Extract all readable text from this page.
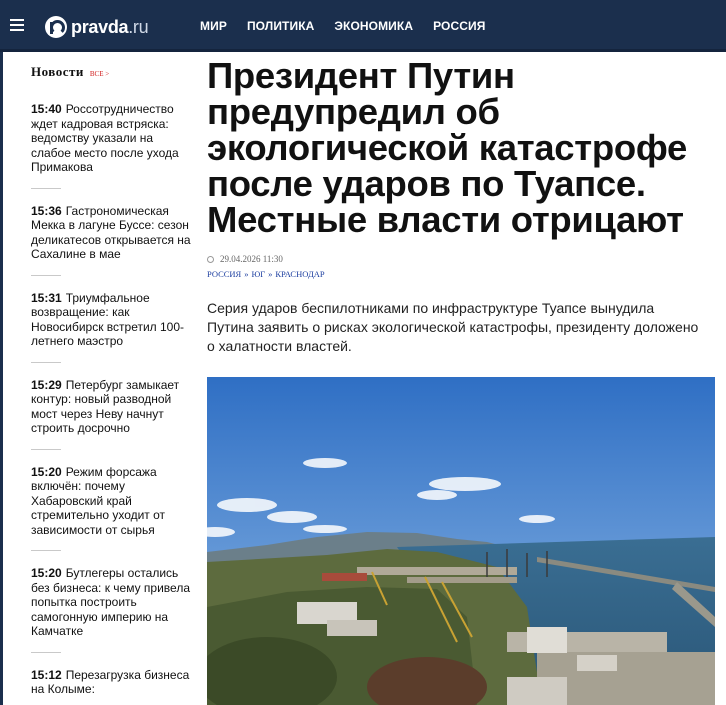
pravda.ru	МИР ПОЛИТИКА ЭКОНОМИКА РОССИЯ
Новости ВСЕ >
15:40 Россотрудничество ждет кадровая встряска: ведомству указали на слабое место после ухода Примакова
15:36 Гастрономическая Мекка в лагуне Буссе: сезон деликатесов открывается на Сахалине в мае
15:31 Триумфальное возвращение: как Новосибирск встретил 100-летнего маэстро
15:29 Петербург замыкает контур: новый разводной мост через Неву начнут строить досрочно
15:20 Режим форсажа включён: почему Хабаровский край стремительно уходит от зависимости от сырья
15:20 Бутлегеры остались без бизнеса: к чему привела попытка построить самогонную империю на Камчатке
15:12 Перезагрузка бизнеса на Колыме:
Президент Путин предупредил об экологической катастрофе после ударов по Туапсе. Местные власти отрицают
29.04.2026 11:30
РОССИЯ » ЮГ » КРАСНОДАР

Серия ударов беспилотниками по инфраструктуре Туапсе вынудила Путина заявить о рисках экологической катастрофы, президенту доложено о халатности властей.
